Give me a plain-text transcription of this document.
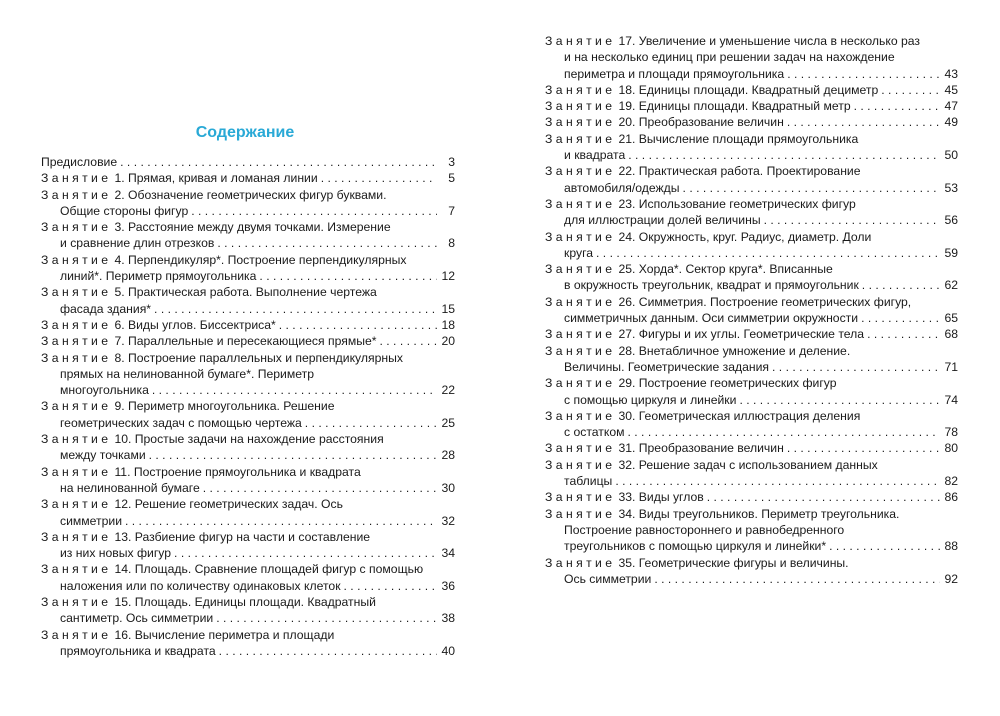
Содержание
Предисловие . . .	3
Занятие 1. Прямая, кривая и ломаная линии . . .	5
Занятие 2. Обозначение геометрических фигур буквами.
Общие стороны фигур . . .	7
Занятие 3. Расстояние между двумя точками. Измерение
и сравнение длин отрезков . . .	8
Занятие 4. Перпендикуляр*. Построение перпендикулярных
линий*. Периметр прямоугольника . . .	12
Занятие 5. Практическая работа. Выполнение чертежа
фасада здания* . . .	15
Занятие 6. Виды углов. Биссектриса* . . .	18
Занятие 7. Параллельные и пересекающиеся прямые* . . .	20
Занятие 8. Построение параллельных и перпендикулярных
прямых на нелинованной бумаге*. Периметр
многоугольника . . .	22
Занятие 9. Периметр многоугольника. Решение
геометрических задач с помощью чертежа . . .	25
Занятие 10. Простые задачи на нахождение расстояния
между точками . . .	28
Занятие 11. Построение прямоугольника и квадрата
на нелинованной бумаге . . .	30
Занятие 12. Решение геометрических задач. Ось
симметрии . . .	32
Занятие 13. Разбиение фигур на части и составление
из них новых фигур . . .	34
Занятие 14. Площадь. Сравнение площадей фигур с помощью
наложения или по количеству одинаковых клеток . . .	36
Занятие 15. Площадь. Единицы площади. Квадратный
сантиметр. Ось симметрии . . .	38
Занятие 16. Вычисление периметра и площади
прямоугольника и квадрата . . .	40
Занятие 17. Увеличение и уменьшение числа в несколько раз
и на несколько единиц при решении задач на нахождение
периметра и площади прямоугольника . . .	43
Занятие 18. Единицы площади. Квадратный дециметр . . .	45
Занятие 19. Единицы площади. Квадратный метр . . .	47
Занятие 20. Преобразование величин . . .	49
Занятие 21. Вычисление площади прямоугольника
и квадрата . . .	50
Занятие 22. Практическая работа. Проектирование
автомобиля/одежды . . .	53
Занятие 23. Использование геометрических фигур
для иллюстрации долей величины . . .	56
Занятие 24. Окружность, круг. Радиус, диаметр. Доли
круга . . .	59
Занятие 25. Хорда*. Сектор круга*. Вписанные
в окружность треугольник, квадрат и прямоугольник . . .	62
Занятие 26. Симметрия. Построение геометрических фигур,
симметричных данным. Оси симметрии окружности . . .	65
Занятие 27. Фигуры и их углы. Геометрические тела . . .	68
Занятие 28. Внетабличное умножение и деление.
Величины. Геометрические задания . . .	71
Занятие 29. Построение геометрических фигур
с помощью циркуля и линейки . . .	74
Занятие 30. Геометрическая иллюстрация деления
с остатком . . .	78
Занятие 31. Преобразование величин . . .	80
Занятие 32. Решение задач с использованием данных
таблицы . . .	82
Занятие 33. Виды углов . . .	86
Занятие 34. Виды треугольников. Периметр треугольника.
Построение равностороннего и равнобедренного
треугольников с помощью циркуля и линейки* . . .	88
Занятие 35. Геометрические фигуры и величины.
Ось симметрии . . .	92
